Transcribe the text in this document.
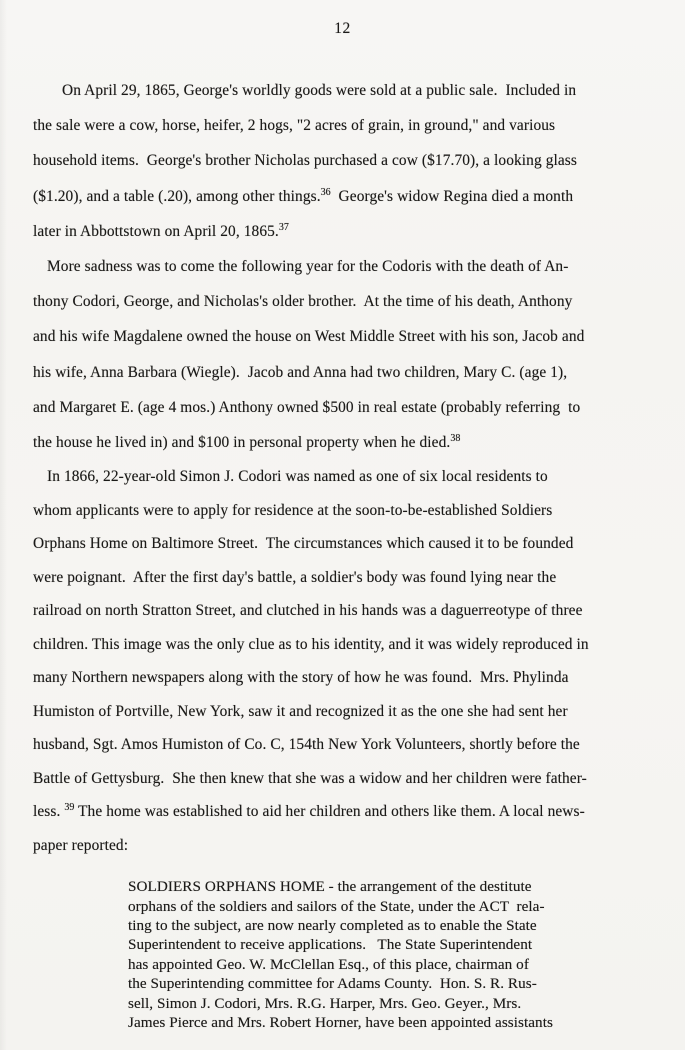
12
On April 29, 1865, George's worldly goods were sold at a public sale.  Included in
the sale were a cow, horse, heifer, 2 hogs, "2 acres of grain, in ground," and various
household items.  George's brother Nicholas purchased a cow ($17.70), a looking glass
($1.20), and a table (.20), among other things.$^{36}$  George's widow Regina died a month
later in Abbottstown on April 20, 1865.37
More sadness was to come the following year for the Codoris with the death of An-
thony Codori, George, and Nicholas's older brother.  At the time of his death, Anthony
and his wife Magdalene owned the house on West Middle Street with his son, Jacob and
his wife, Anna Barbara (Wiegle).  Jacob and Anna had two children, Mary C. (age 1),
and Margaret E. (age 4 mos.) Anthony owned $500 in real estate (probably referring  to
the house he lived in) and $100 in personal property when he died.$^{38}$
In 1866, 22-year-old Simon J. Codori was named as one of six local residents to
whom applicants were to apply for residence at the soon-to-be-established Soldiers
Orphans Home on Baltimore Street.  The circumstances which caused it to be founded
were poignant.  After the first day's battle, a soldier's body was found lying near the
railroad on north Stratton Street, and clutched in his hands was a daguerreotype of three
children. This image was the only clue as to his identity, and it was widely reproduced in
many Northern newspapers along with the story of how he was found.  Mrs. Phylinda
Humiston of Portville, New York, saw it and recognized it as the one she had sent her
husband, Sgt. Amos Humiston of Co. C, 154th New York Volunteers, shortly before the
Battle of Gettysburg.  She then knew that she was a widow and her children were father-
less. $^{39}$ The home was established to aid her children and others like them. A local news-
paper reported:
SOLDIERS ORPHANS HOME - the arrangement of the destitute
orphans of the soldiers and sailors of the State, under the ACT  rela-
ting to the subject, are now nearly completed as to enable the State
Superintendent to receive applications.   The State Superintendent
has appointed Geo. W. McClellan Esq., of this place, chairman of
the Superintending committee for Adams County.  Hon. S. R. Rus-
sell, Simon J. Codori, Mrs. R.G. Harper, Mrs. Geo. Geyer., Mrs.
James Pierce and Mrs. Robert Horner, have been appointed assistants
